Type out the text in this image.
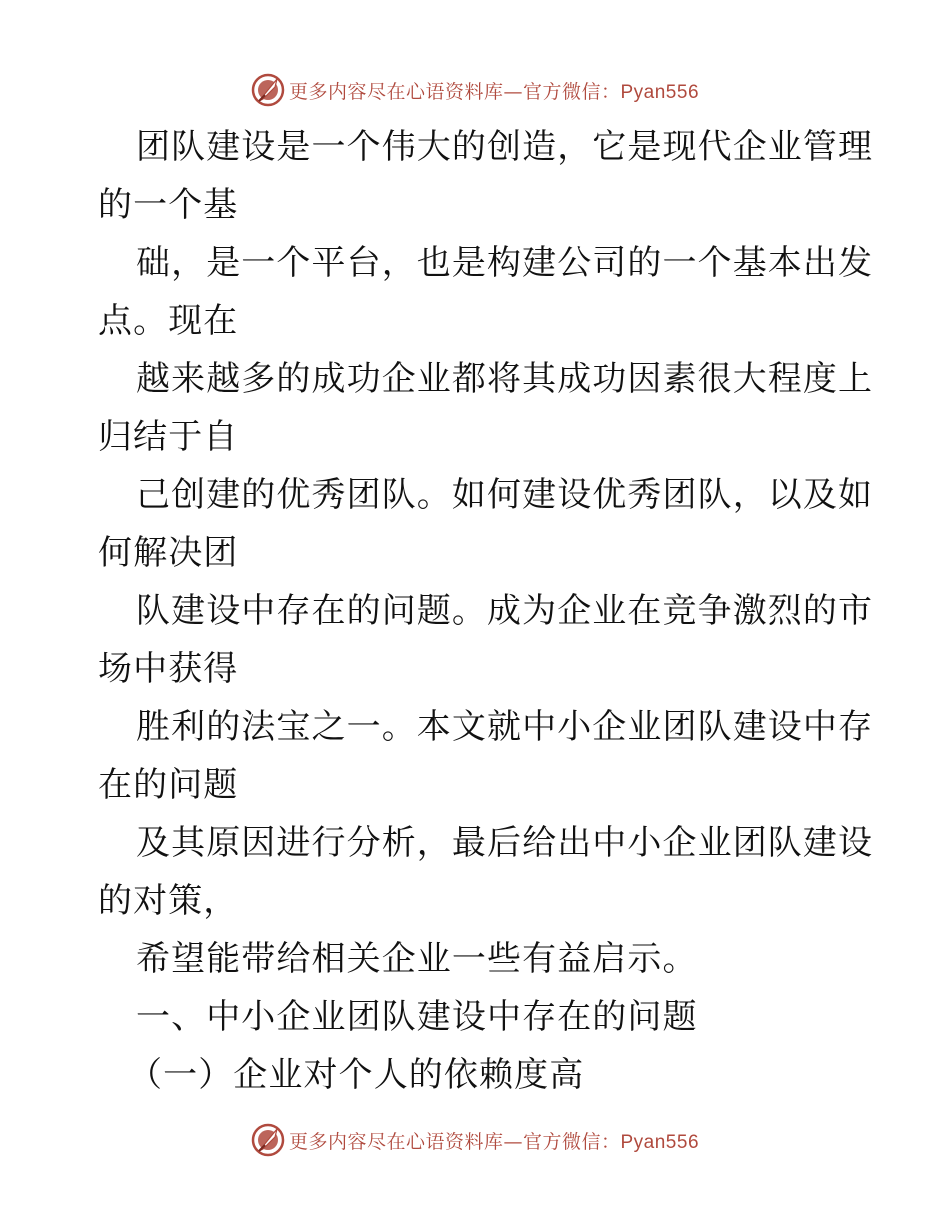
更多内容尽在心语资料库—官方微信：Pyan556
团队建设是一个伟大的创造，它是现代企业管理
的一个基
础，是一个平台，也是构建公司的一个基本出发
点。现在
越来越多的成功企业都将其成功因素很大程度上
归结于自
己创建的优秀团队。如何建设优秀团队，以及如
何解决团
队建设中存在的问题。成为企业在竞争激烈的市
场中获得
胜利的法宝之一。本文就中小企业团队建设中存
在的问题
及其原因进行分析，最后给出中小企业团队建设
的对策，
希望能带给相关企业一些有益启示。
一、中小企业团队建设中存在的问题
（一）企业对个人的依赖度高
更多内容尽在心语资料库—官方微信：Pyan556
